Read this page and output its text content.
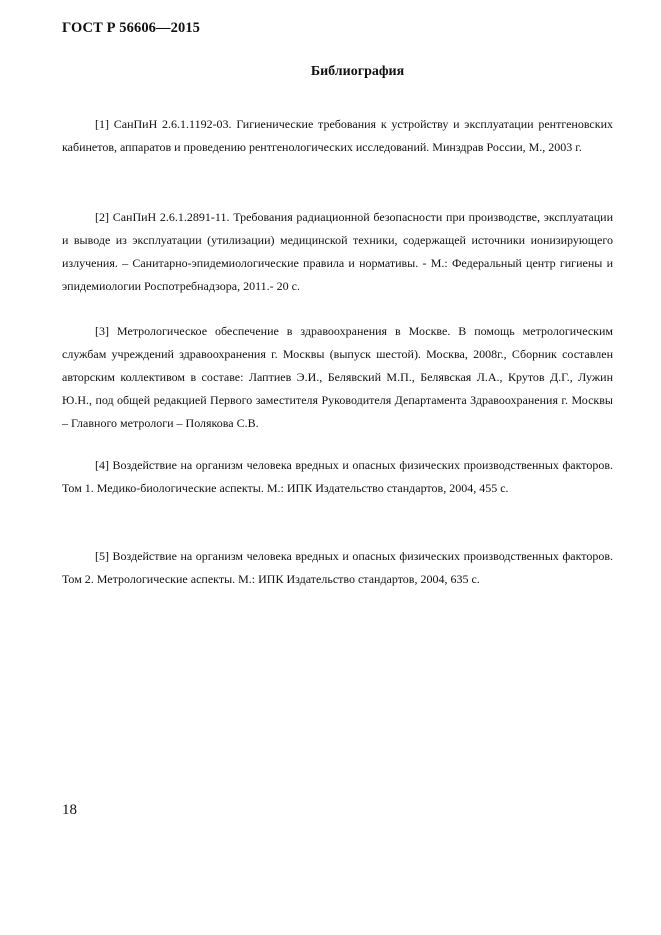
ГОСТ Р 56606—2015
Библиография

[1] СанПиН 2.6.1.1192-03. Гигиенические требования к устройству и эксплуатации рентгеновских кабинетов, аппаратов и проведению рентгенологических исследований. Минздрав России, М., 2003 г.

[2] СанПиН 2.6.1.2891-11. Требования радиационной безопасности при производстве, эксплуатации и выводе из эксплуатации (утилизации) медицинской техники, содержащей источники ионизирующего излучения. – Санитарно-эпидемиологические правила и нормативы. - М.: Федеральный центр гигиены и эпидемиологии Роспотребнадзора, 2011.- 20 с.

[3] Метрологическое обеспечение в здравоохранения в Москве. В помощь метрологическим службам учреждений здравоохранения г. Москвы (выпуск шестой). Москва, 2008г., Сборник составлен авторским коллективом в составе: Лаптиев Э.И., Белявский М.П., Белявская Л.А., Крутов Д.Г., Лужин Ю.Н., под общей редакцией Первого заместителя Руководителя Департамента Здравоохранения г. Москвы – Главного метрологи – Полякова С.В.

[4] Воздействие на организм человека вредных и опасных физических производственных факторов. Том 1. Медико-биологические аспекты. М.: ИПК Издательство стандартов, 2004, 455 с.

[5] Воздействие на организм человека вредных и опасных физических производственных факторов. Том 2. Метрологические аспекты. М.: ИПК Издательство стандартов, 2004, 635 с.

18
